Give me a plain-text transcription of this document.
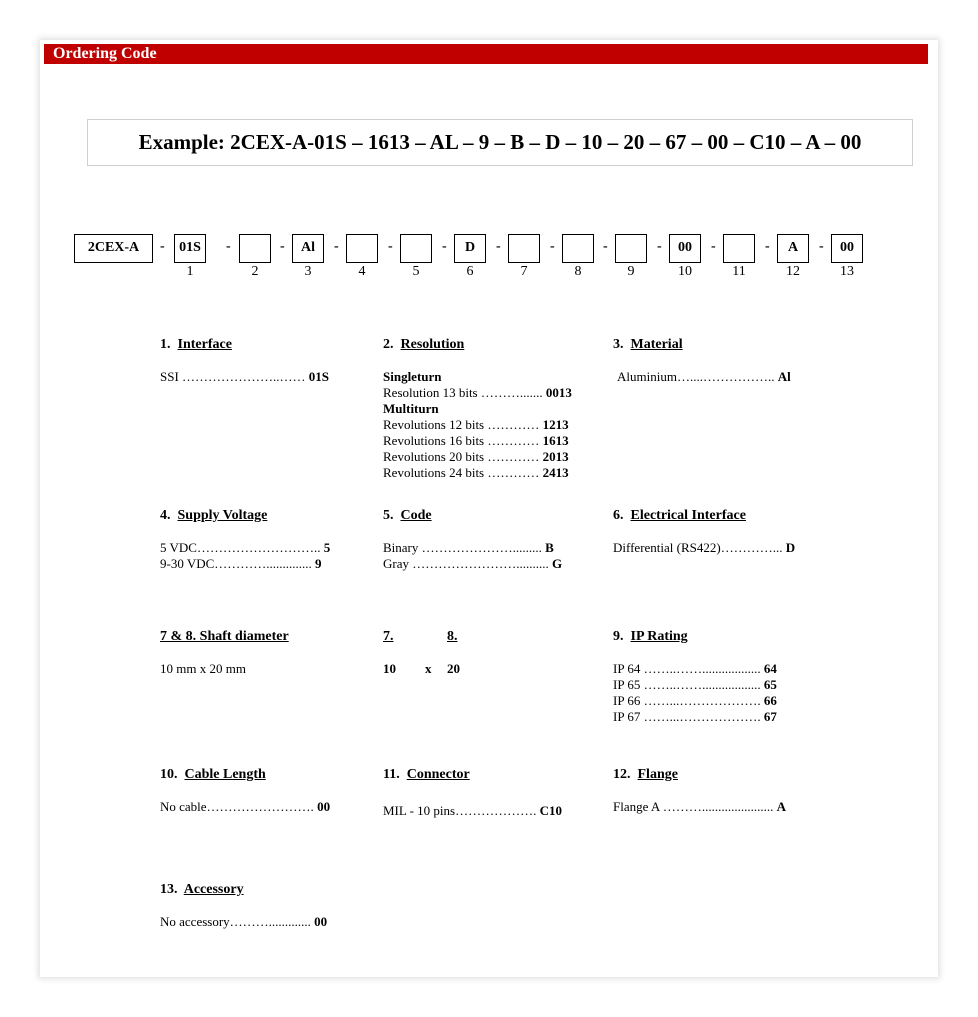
Ordering Code
Example: 2CEX-A-01S – 1613 – AL – 9 – B – D – 10 – 20 – 67 – 00 – C10 – A – 00
2CEX-A	-	01S
1
-
2
-	Al
3
-
4
-
5
-	D
6
-
7
-
8
-
9
-	00
10
-
11
-	A
12
-	00
13
1. Interface
SSI …………………..…… 01S
2. Resolution
Singleturn
Resolution 13 bits ………....... 0013
Multiturn
Revolutions 12 bits ………… 1213
Revolutions 16 bits ………… 1613
Revolutions 20 bits ………… 2013
Revolutions 24 bits ………… 2413
3. Material
Aluminium…....…………….. Al
4. Supply Voltage
5 VDC……………………….. 5
9-30 VDC………….............. 9
5. Code
Binary …………………......... B
Gray …………………….......... G
6. Electrical Interface
Differential (RS422)…………... D
7 & 8. Shaft diameter
10 mm x 20 mm
7.	8.
10 x 20
9. IP Rating
IP 64 ……..…….................. 64
IP 65 ……..…….................. 65
IP 66 ……...………………. 66
IP 67 ……...………………. 67
10. Cable Length
No cable……………………. 00
11. Connector
MIL - 10 pins………………. C10
12. Flange
Flange A ………...................... A
13. Accessory
No accessory………............. 00
